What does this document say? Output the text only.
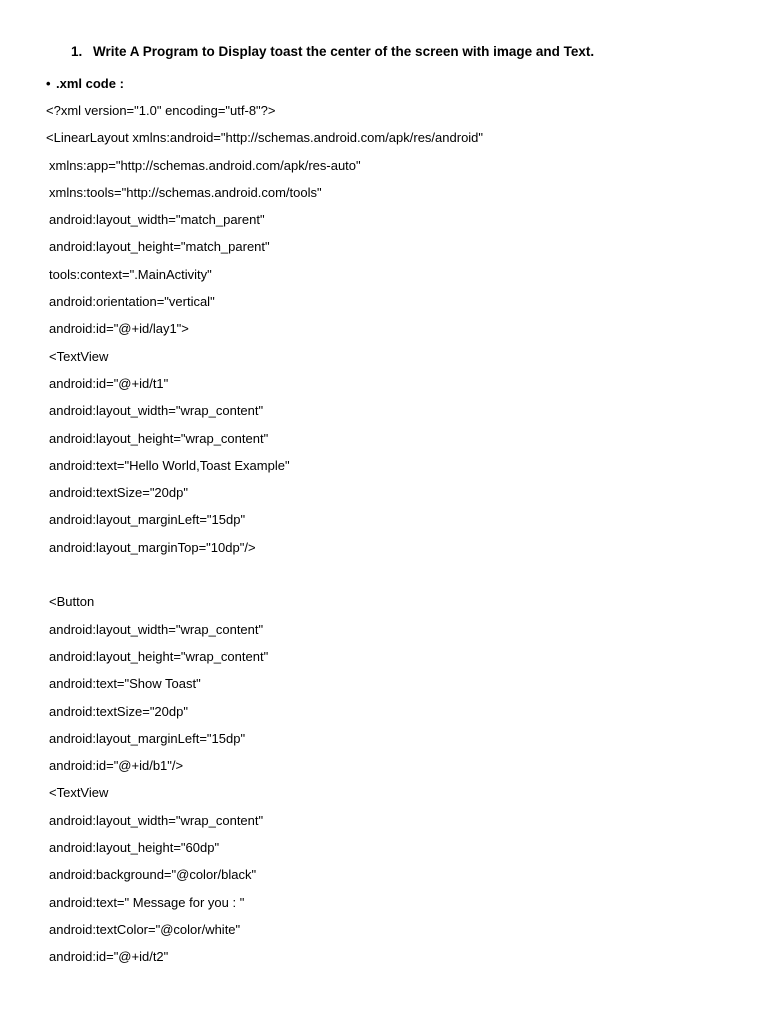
1. Write A Program to Display toast the center of the screen with image and Text.
• .xml code :
<?xml version="1.0" encoding="utf-8"?>
<LinearLayout xmlns:android="http://schemas.android.com/apk/res/android"
xmlns:app="http://schemas.android.com/apk/res-auto"
xmlns:tools="http://schemas.android.com/tools"
android:layout_width="match_parent"
android:layout_height="match_parent"
tools:context=".MainActivity"
android:orientation="vertical"
android:id="@+id/lay1">
<TextView
android:id="@+id/t1"
android:layout_width="wrap_content"
android:layout_height="wrap_content"
android:text="Hello World,Toast Example"
android:textSize="20dp"
android:layout_marginLeft="15dp"
android:layout_marginTop="10dp"/>
<Button
android:layout_width="wrap_content"
android:layout_height="wrap_content"
android:text="Show Toast"
android:textSize="20dp"
android:layout_marginLeft="15dp"
android:id="@+id/b1"/>
<TextView
android:layout_width="wrap_content"
android:layout_height="60dp"
android:background="@color/black"
android:text=" Message for you : "
android:textColor="@color/white"
android:id="@+id/t2"
